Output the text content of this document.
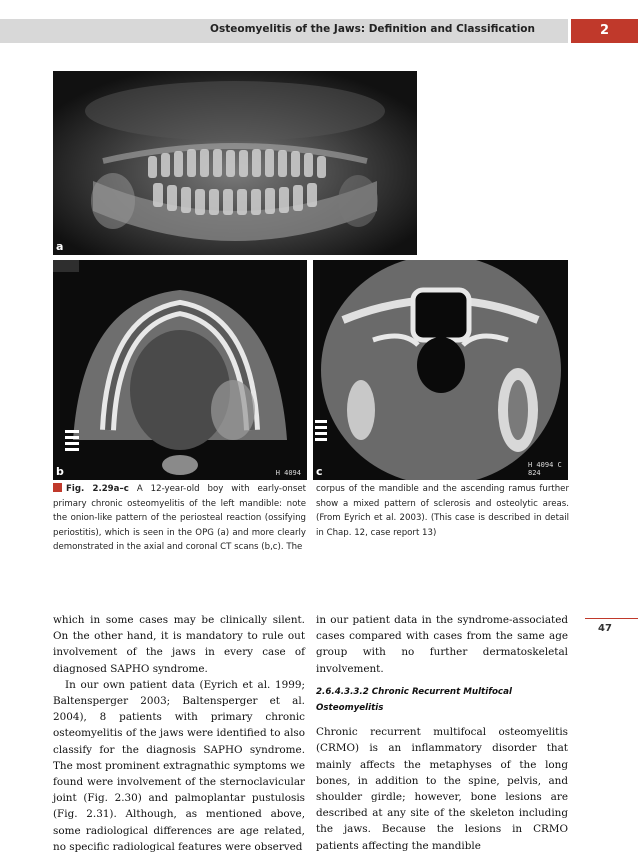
Osteomyelitis of the Jaws: Definition and Classification	2
a
b	H 4094 c	H 4094 C 824
Fig. 2.29a–c A 12-year-old boy with early-onset primary chronic osteomyelitis of the left mandible: note the onion-like pattern of the periosteal reaction (ossifying periostitis), which is seen in the OPG (a) and more clearly demonstrated in the axial and coronal CT scans (b,c). The
corpus of the mandible and the ascending ramus further show a mixed pattern of sclerosis and osteolytic areas. (From Eyrich et al. 2003). (This case is described in detail in Chap. 12, case report 13)

which in some cases may be clinically silent. On the other hand, it is mandatory to rule out involvement of the jaws in every case of diagnosed SAPHO syndrome.

In our own patient data (Eyrich et al. 1999; Baltensperger 2003; Baltensperger et al. 2004), 8 patients with primary chronic osteomyelitis of the jaws were identified to also classify for the diagnosis SAPHO syndrome. The most prominent extragnathic symptoms we found were involvement of the sternoclavicular joint (Fig. 2.30) and palmoplantar pustulosis (Fig. 2.31). Although, as mentioned above, some radiological differences are age related, no specific radiological features were observed

in our patient data in the syndrome-associated cases compared with cases from the same age group with no further dermatoskeletal involvement.

2.6.4.3.3.2 Chronic Recurrent Multifocal Osteomyelitis

Chronic recurrent multifocal osteomyelitis (CRMO) is an inflammatory disorder that mainly affects the metaphyses of the long bones, in addition to the spine, pelvis, and shoulder girdle; however, bone lesions are described at any site of the skeleton including the jaws. Because the lesions in CRMO patients affecting the mandible

47
